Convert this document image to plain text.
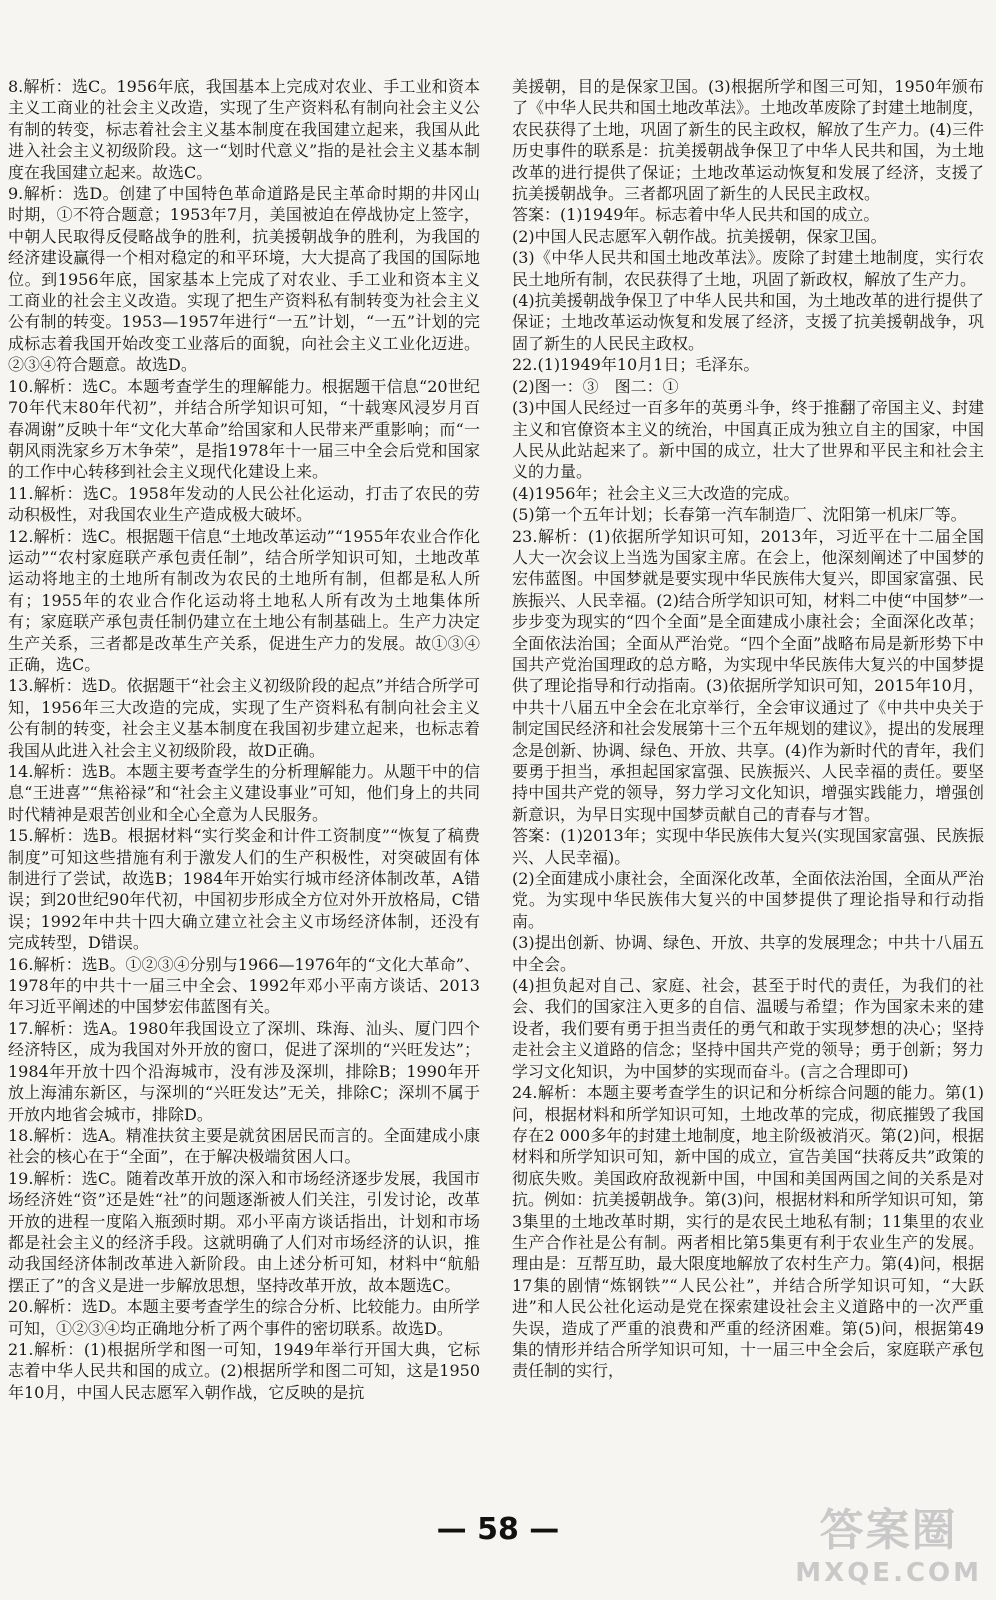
8.解析：选C。1956年底，我国基本上完成对农业、手工业和资本主义工商业的社会主义改造，实现了生产资料私有制向社会主义公有制的转变，标志着社会主义基本制度在我国建立起来，我国从此进入社会主义初级阶段。这一“划时代意义”指的是社会主义基本制度在我国建立起来。故选C。

9.解析：选D。创建了中国特色革命道路是民主革命时期的井冈山时期，①不符合题意；1953年7月，美国被迫在停战协定上签字，中朝人民取得反侵略战争的胜利，抗美援朝战争的胜利，为我国的经济建设赢得一个相对稳定的和平环境，大大提高了我国的国际地位。到1956年底，国家基本上完成了对农业、手工业和资本主义工商业的社会主义改造。实现了把生产资料私有制转变为社会主义公有制的转变。1953—1957年进行“一五”计划，“一五”计划的完成标志着我国开始改变工业落后的面貌，向社会主义工业化迈进。②③④符合题意。故选D。

10.解析：选C。本题考查学生的理解能力。根据题干信息“20世纪70年代末80年代初”，并结合所学知识可知，“十载寒风浸岁月百春凋谢”反映十年“文化大革命”给国家和人民带来严重影响；而“一朝风雨洗家乡万木争荣”，是指1978年十一届三中全会后党和国家的工作中心转移到社会主义现代化建设上来。

11.解析：选C。1958年发动的人民公社化运动，打击了农民的劳动积极性，对我国农业生产造成极大破坏。

12.解析：选C。根据题干信息“土地改革运动”“1955年农业合作化运动”“农村家庭联产承包责任制”，结合所学知识可知，土地改革运动将地主的土地所有制改为农民的土地所有制，但都是私人所有；1955年的农业合作化运动将土地私人所有改为土地集体所有；家庭联产承包责任制仍建立在土地公有制基础上。生产力决定生产关系，三者都是改革生产关系，促进生产力的发展。故①③④正确，选C。

13.解析：选D。依据题干“社会主义初级阶段的起点”并结合所学可知，1956年三大改造的完成，实现了生产资料私有制向社会主义公有制的转变，社会主义基本制度在我国初步建立起来，也标志着我国从此进入社会主义初级阶段，故D正确。

14.解析：选B。本题主要考查学生的分析理解能力。从题干中的信息“王进喜”“焦裕禄”和“社会主义建设事业”可知，他们身上的共同时代精神是艰苦创业和全心全意为人民服务。

15.解析：选B。根据材料“实行奖金和计件工资制度”“恢复了稿费制度”可知这些措施有利于激发人们的生产积极性，对突破固有体制进行了尝试，故选B；1984年开始实行城市经济体制改革，A错误；到20世纪90年代初，中国初步形成全方位对外开放格局，C错误；1992年中共十四大确立建立社会主义市场经济体制，还没有完成转型，D错误。

16.解析：选B。①②③④分别与1966—1976年的“文化大革命”、1978年的中共十一届三中全会、1992年邓小平南方谈话、2013年习近平阐述的中国梦宏伟蓝图有关。

17.解析：选A。1980年我国设立了深圳、珠海、汕头、厦门四个经济特区，成为我国对外开放的窗口，促进了深圳的“兴旺发达”；1984年开放十四个沿海城市，没有涉及深圳，排除B；1990年开放上海浦东新区，与深圳的“兴旺发达”无关，排除C；深圳不属于开放内地省会城市，排除D。

18.解析：选A。精准扶贫主要是就贫困居民而言的。全面建成小康社会的核心在于“全面”，在于解决极端贫困人口。

19.解析：选C。随着改革开放的深入和市场经济逐步发展，我国市场经济姓“资”还是姓“社”的问题逐渐被人们关注，引发讨论，改革开放的进程一度陷入瓶颈时期。邓小平南方谈话指出，计划和市场都是社会主义的经济手段。这就明确了人们对市场经济的认识，推动我国经济体制改革进入新阶段。由上述分析可知，材料中“航船摆正了”的含义是进一步解放思想，坚持改革开放，故本题选C。

20.解析：选D。本题主要考查学生的综合分析、比较能力。由所学可知，①②③④均正确地分析了两个事件的密切联系。故选D。

21.解析：(1)根据所学和图一可知，1949年举行开国大典，它标志着中华人民共和国的成立。(2)根据所学和图二可知，这是1950年10月，中国人民志愿军入朝作战，它反映的是抗

美援朝，目的是保家卫国。(3)根据所学和图三可知，1950年颁布了《中华人民共和国土地改革法》。土地改革废除了封建土地制度，农民获得了土地，巩固了新生的民主政权，解放了生产力。(4)三件历史事件的联系是：抗美援朝战争保卫了中华人民共和国，为土地改革的进行提供了保证；土地改革运动恢复和发展了经济，支援了抗美援朝战争。三者都巩固了新生的人民民主政权。

答案：(1)1949年。标志着中华人民共和国的成立。

(2)中国人民志愿军入朝作战。抗美援朝，保家卫国。

(3)《中华人民共和国土地改革法》。废除了封建土地制度，实行农民土地所有制，农民获得了土地，巩固了新政权，解放了生产力。

(4)抗美援朝战争保卫了中华人民共和国，为土地改革的进行提供了保证；土地改革运动恢复和发展了经济，支援了抗美援朝战争，巩固了新生的人民民主政权。

22.(1)1949年10月1日；毛泽东。

(2)图一：③　图二：①

(3)中国人民经过一百多年的英勇斗争，终于推翻了帝国主义、封建主义和官僚资本主义的统治，中国真正成为独立自主的国家，中国人民从此站起来了。新中国的成立，壮大了世界和平民主和社会主义的力量。

(4)1956年；社会主义三大改造的完成。

(5)第一个五年计划；长春第一汽车制造厂、沈阳第一机床厂等。

23.解析：(1)依据所学知识可知，2013年，习近平在十二届全国人大一次会议上当选为国家主席。在会上，他深刻阐述了中国梦的宏伟蓝图。中国梦就是要实现中华民族伟大复兴，即国家富强、民族振兴、人民幸福。(2)结合所学知识可知，材料二中使“中国梦”一步步变为现实的“四个全面”是全面建成小康社会；全面深化改革；全面依法治国；全面从严治党。“四个全面”战略布局是新形势下中国共产党治国理政的总方略，为实现中华民族伟大复兴的中国梦提供了理论指导和行动指南。(3)依据所学知识可知，2015年10月，中共十八届五中全会在北京举行，全会审议通过了《中共中央关于制定国民经济和社会发展第十三个五年规划的建议》，提出的发展理念是创新、协调、绿色、开放、共享。(4)作为新时代的青年，我们要勇于担当，承担起国家富强、民族振兴、人民幸福的责任。要坚持中国共产党的领导，努力学习文化知识，增强实践能力，增强创新意识，为早日实现中国梦贡献自己的青春与才智。

答案：(1)2013年；实现中华民族伟大复兴(实现国家富强、民族振兴、人民幸福)。

(2)全面建成小康社会，全面深化改革，全面依法治国，全面从严治党。为实现中华民族伟大复兴的中国梦提供了理论指导和行动指南。

(3)提出创新、协调、绿色、开放、共享的发展理念；中共十八届五中全会。

(4)担负起对自己、家庭、社会，甚至于时代的责任，为我们的社会、我们的国家注入更多的自信、温暖与希望；作为国家未来的建设者，我们要有勇于担当责任的勇气和敢于实现梦想的决心；坚持走社会主义道路的信念；坚持中国共产党的领导；勇于创新；努力学习文化知识，为中国梦的实现而奋斗。(言之合理即可)

24.解析：本题主要考查学生的识记和分析综合问题的能力。第(1)问，根据材料和所学知识可知，土地改革的完成，彻底摧毁了我国存在2 000多年的封建土地制度，地主阶级被消灭。第(2)问，根据材料和所学知识可知，新中国的成立，宣告美国“扶蒋反共”政策的彻底失败。美国政府敌视新中国，中国和美国两国之间的关系是对抗。例如：抗美援朝战争。第(3)问，根据材料和所学知识可知，第3集里的土地改革时期，实行的是农民土地私有制；11集里的农业生产合作社是公有制。两者相比第5集更有利于农业生产的发展。理由是：互帮互助，最大限度地解放了农村生产力。第(4)问，根据17集的剧情“炼钢铁”“人民公社”，并结合所学知识可知，“大跃进”和人民公社化运动是党在探索建设社会主义道路中的一次严重失误，造成了严重的浪费和严重的经济困难。第(5)问，根据第49集的情形并结合所学知识可知，十一届三中全会后，家庭联产承包责任制的实行，

— 58 —	答案圈
MXQE.COM
